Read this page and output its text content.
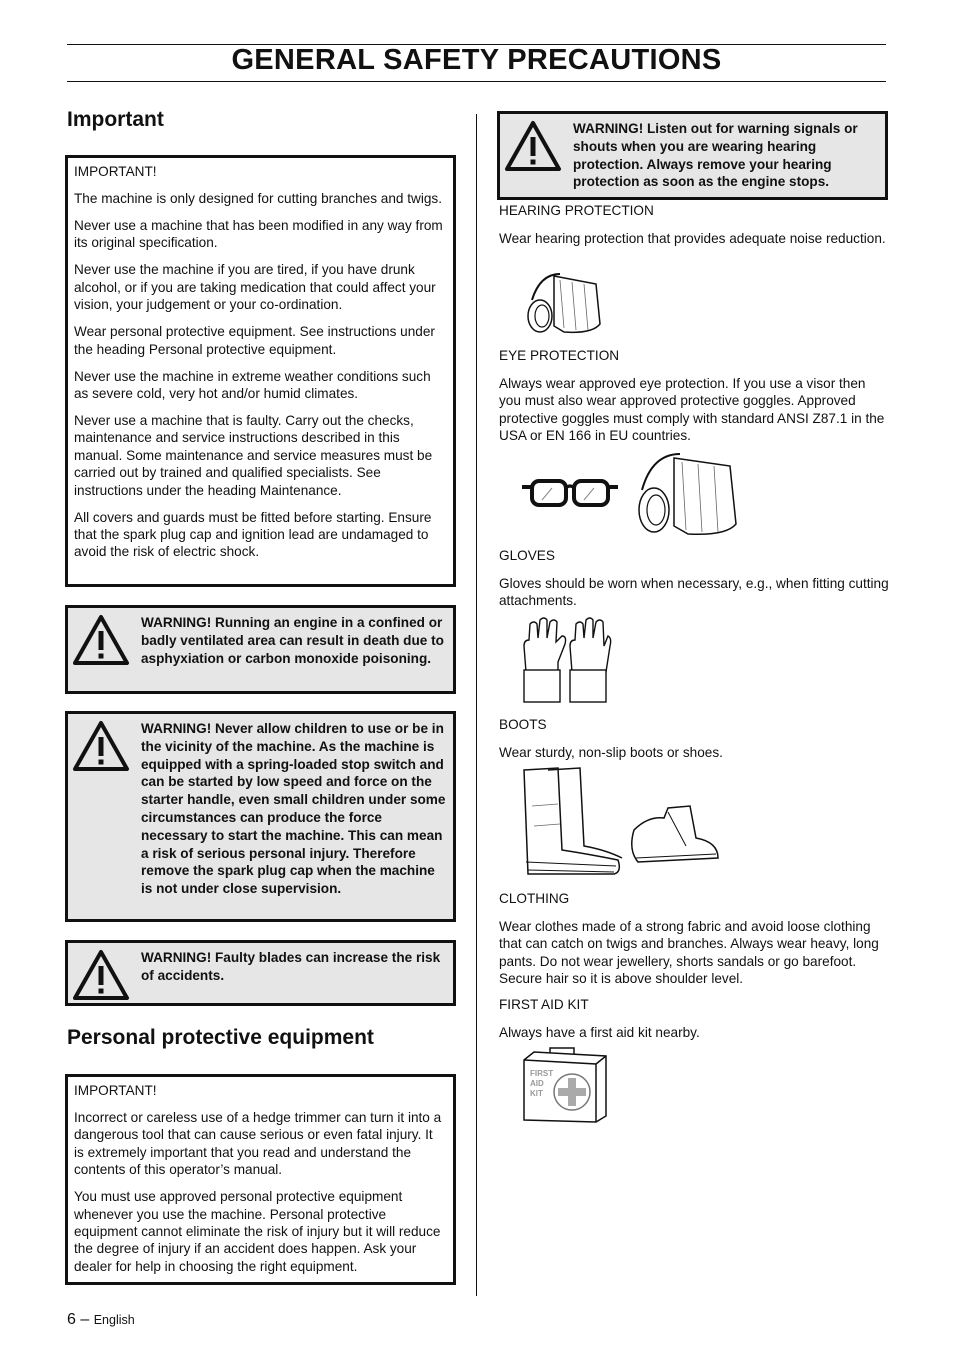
GENERAL SAFETY PRECAUTIONS
Important

IMPORTANT!

The machine is only designed for cutting branches and twigs.

Never use a machine that has been modified in any way from its original specification.

Never use the machine if you are tired, if you have drunk alcohol, or if you are taking medication that could affect your vision, your judgement or your co-ordination.

Wear personal protective equipment. See instructions under the heading Personal protective equipment.

Never use the machine in extreme weather conditions such as severe cold, very hot and/or humid climates.

Never use a machine that is faulty. Carry out the checks, maintenance and service instructions described in this manual. Some maintenance and service measures must be carried out by trained and qualified specialists. See instructions under the heading Maintenance.

All covers and guards must be fitted before starting. Ensure that the spark plug cap and ignition lead are undamaged to avoid the risk of electric shock.

WARNING! Running an engine in a confined or badly ventilated area can result in death due to asphyxiation or carbon monoxide poisoning.
WARNING! Never allow children to use or be in the vicinity of the machine. As the machine is equipped with a spring-loaded stop switch and can be started by low speed and force on the starter handle, even small children under some circumstances can produce the force necessary to start the machine. This can mean a risk of serious personal injury. Therefore remove the spark plug cap when the machine is not under close supervision.
WARNING! Faulty blades can increase the risk of accidents.
Personal protective equipment

IMPORTANT!

Incorrect or careless use of a hedge trimmer can turn it into a dangerous tool that can cause serious or even fatal injury. It is extremely important that you read and understand the contents of this operator’s manual.

You must use approved personal protective equipment whenever you use the machine. Personal protective equipment cannot eliminate the risk of injury but it will reduce the degree of injury if an accident does happen. Ask your dealer for help in choosing the right equipment.

WARNING! Listen out for warning signals or shouts when you are wearing hearing protection. Always remove your hearing protection as soon as the engine stops.
HEARING PROTECTION
Wear hearing protection that provides adequate noise reduction.
EYE PROTECTION
Always wear approved eye protection. If you use a visor then you must also wear approved protective goggles. Approved protective goggles must comply with standard ANSI Z87.1 in the USA or EN 166 in EU countries.
GLOVES
Gloves should be worn when necessary, e.g., when fitting cutting attachments.
BOOTS
Wear sturdy, non-slip boots or shoes.
CLOTHING
Wear clothes made of a strong fabric and avoid loose clothing that can catch on twigs and branches. Always wear heavy, long pants. Do not wear jewellery, shorts sandals or go barefoot. Secure hair so it is above shoulder level.
FIRST AID KIT
Always have a first aid kit nearby.
FIRST
AID
KIT
6 – English
